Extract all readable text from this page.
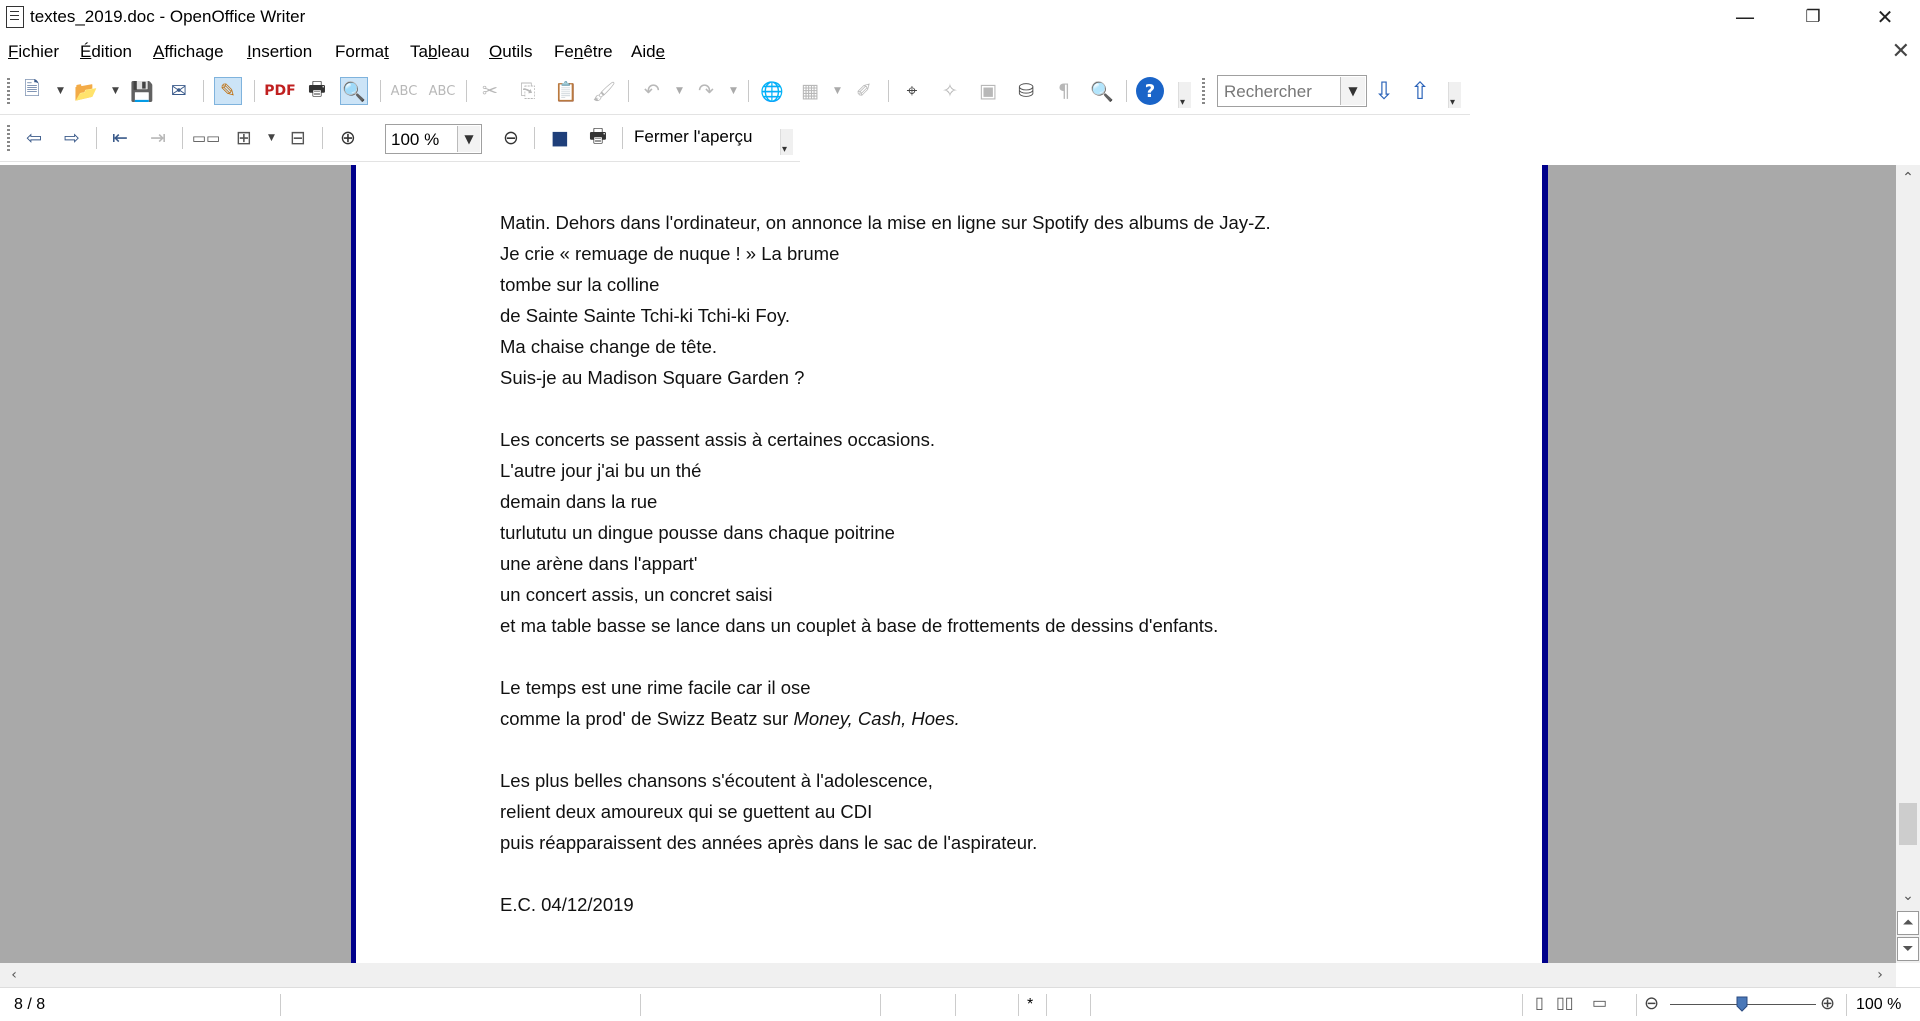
textes_2019.doc - OpenOffice Writer	—	❐	✕
Fichier Édition Affichage Insertion Format Tableau Outils Fenêtre Aide	✕
🗎	▼ 📂 ▼ 💾 ✉	✎	PDF 🖶 🔍 ABC ABC	✂	⎘ 📋 🖌	↶	▼ ↷	▼ 🌐 ▦	▼ ✐	⌖	✧	▣	⛁	¶	🔍	?
▾	⇩ ⇧
▾
Rechercher	▼
⇦	⇨	⇤	⇥	▭▭ ⊞	▼ ⊟	⊕	⊖	■ 🖶
▾
100 %	▼	Fermer l'aperçu
Matin. Dehors dans l'ordinateur, on annonce la mise en ligne sur Spotify des albums de Jay-Z.
Je crie « remuage de nuque ! » La brume
tombe sur la colline
de Sainte Sainte Tchi-ki Tchi-ki Foy.
Ma chaise change de tête.
Suis-je au Madison Square Garden ?
Les concerts se passent assis à certaines occasions.
L'autre jour j'ai bu un thé
demain dans la rue
turlututu un dingue pousse dans chaque poitrine
une arène dans l'appart'
un concert assis, un concret saisi
et ma table basse se lance dans un couplet à base de frottements de dessins d'enfants.
Le temps est une rime facile car il ose
comme la prod' de Swizz Beatz sur Money, Cash, Hoes.
Les plus belles chansons s'écoutent à l'adolescence,
relient deux amoureux qui se guettent au CDI
puis réapparaissent des années après dans le sac de l'aspirateur.
E.C. 04/12/2019
⌃
⌄
⏶
⏷
‹	›
8 / 8	*	▯ ▯▯ ▭ ⊖	⊕ 100 %
